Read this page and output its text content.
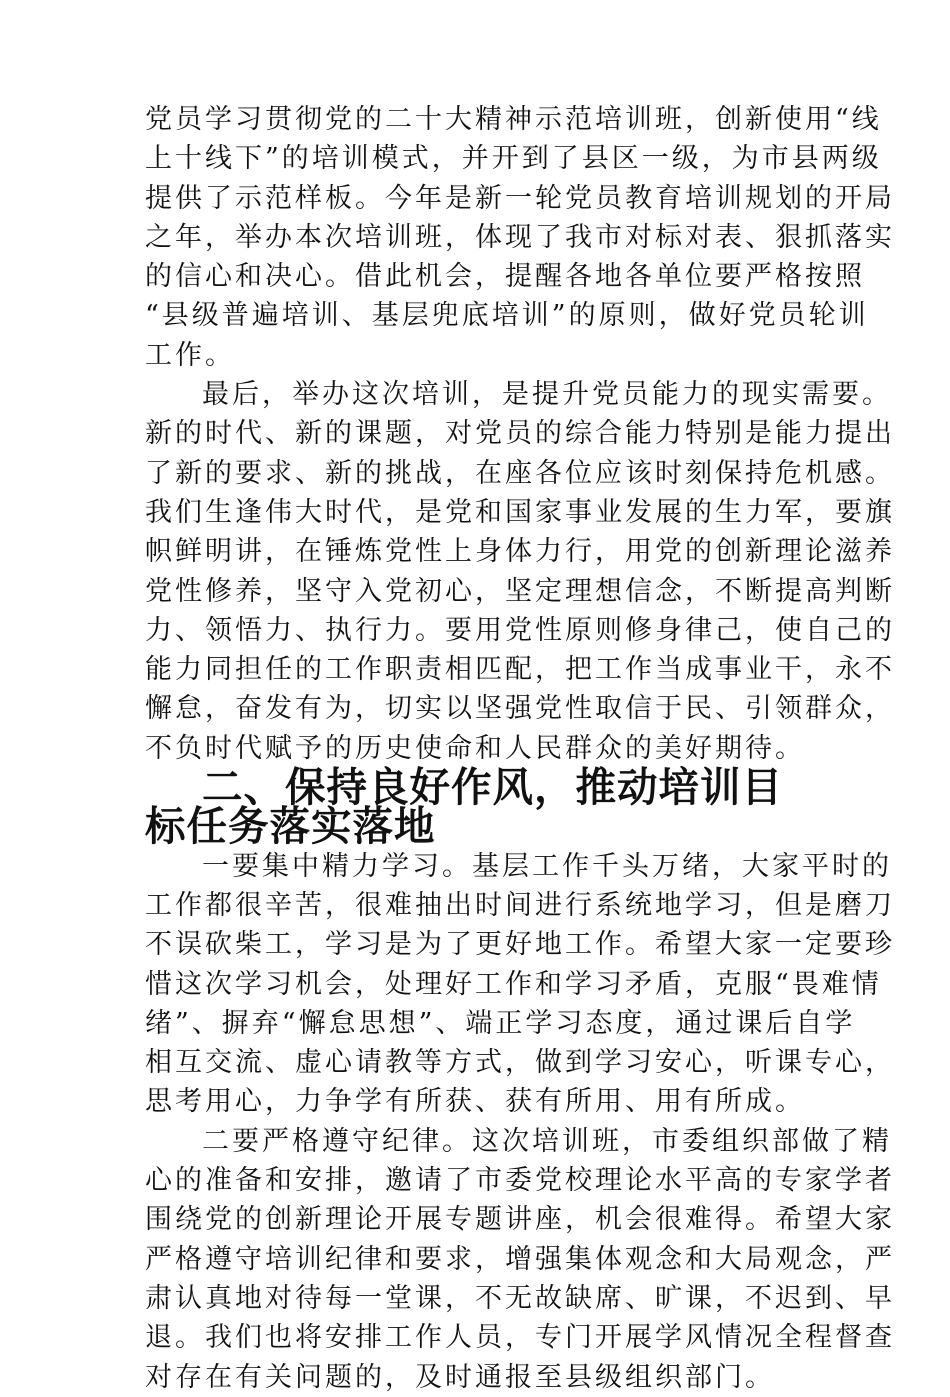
党员学习贯彻党的二十大精神示范培训班，创新使用“线
上十线下”的培训模式，并开到了县区一级，为市县两级
提供了示范样板。今年是新一轮党员教育培训规划的开局
之年，举办本次培训班，体现了我市对标对表、狠抓落实
的信心和决心。借此机会，提醒各地各单位要严格按照
“县级普遍培训、基层兜底培训”的原则，做好党员轮训
工作。
最后，举办这次培训，是提升党员能力的现实需要。
新的时代、新的课题，对党员的综合能力特别是能力提出
了新的要求、新的挑战，在座各位应该时刻保持危机感。
我们生逢伟大时代，是党和国家事业发展的生力军，要旗
帜鲜明讲，在锤炼党性上身体力行，用党的创新理论滋养
党性修养，坚守入党初心，坚定理想信念，不断提高判断
力、领悟力、执行力。要用党性原则修身律己，使自己的
能力同担任的工作职责相匹配，把工作当成事业干，永不
懈怠，奋发有为，切实以坚强党性取信于民、引领群众，
不负时代赋予的历史使命和人民群众的美好期待。
二、保持良好作风，推动培训目标任务落实落地
一要集中精力学习。基层工作千头万绪，大家平时的
工作都很辛苦，很难抽出时间进行系统地学习，但是磨刀
不误砍柴工，学习是为了更好地工作。希望大家一定要珍
惜这次学习机会，处理好工作和学习矛盾，克服“畏难情
绪”、摒弃“懈怠思想”、端正学习态度，通过课后自学
相互交流、虚心请教等方式，做到学习安心，听课专心，
思考用心，力争学有所获、获有所用、用有所成。
二要严格遵守纪律。这次培训班，市委组织部做了精
心的准备和安排，邀请了市委党校理论水平高的专家学者
围绕党的创新理论开展专题讲座，机会很难得。希望大家
严格遵守培训纪律和要求，增强集体观念和大局观念，严
肃认真地对待每一堂课，不无故缺席、旷课，不迟到、早
退。我们也将安排工作人员，专门开展学风情况全程督查
对存在有关问题的，及时通报至县级组织部门。
